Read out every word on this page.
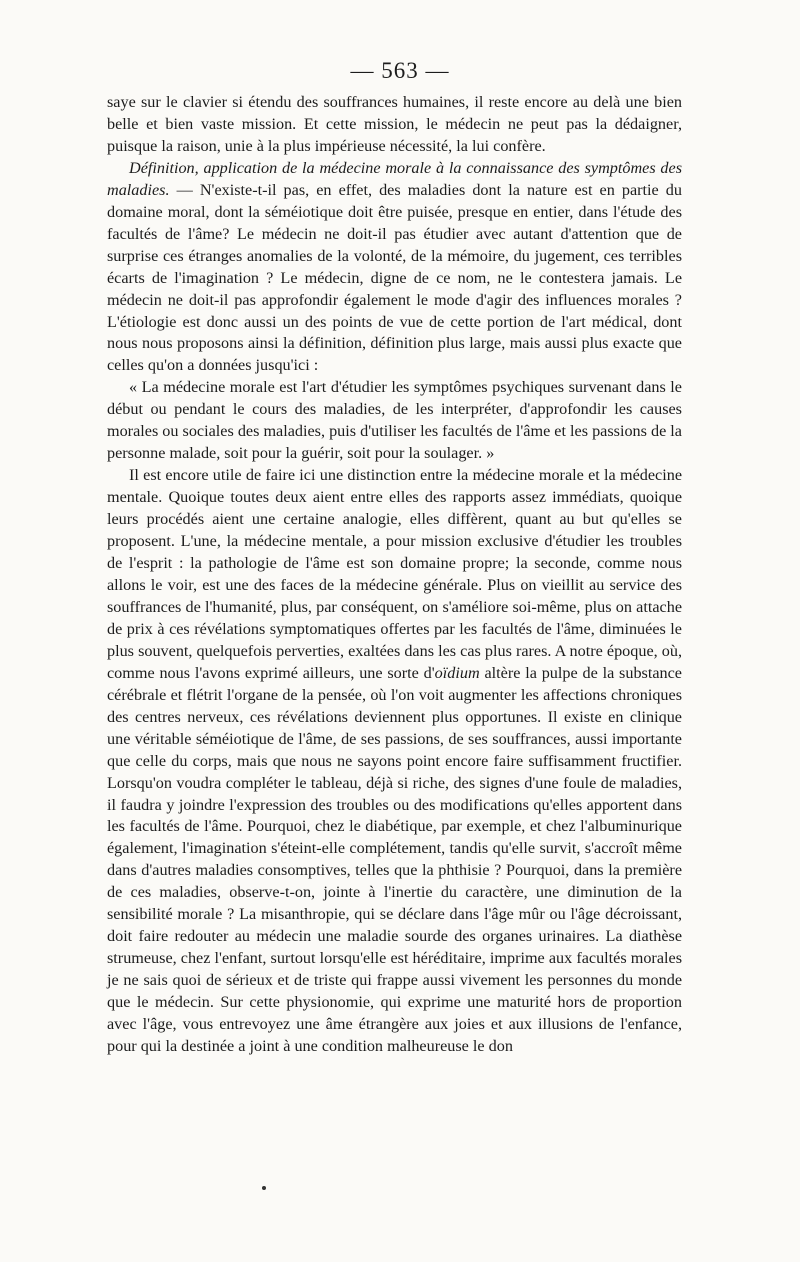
— 563 —

saye sur le clavier si étendu des souffrances humaines, il reste encore au delà une bien belle et bien vaste mission. Et cette mission, le médecin ne peut pas la dédaigner, puisque la raison, unie à la plus impérieuse nécessité, la lui confère.

Définition, application de la médecine morale à la connaissance des symptômes des maladies. — N'existe-t-il pas, en effet, des maladies dont la nature est en partie du domaine moral, dont la séméiotique doit être puisée, presque en entier, dans l'étude des facultés de l'âme? Le médecin ne doit-il pas étudier avec autant d'attention que de surprise ces étranges anomalies de la volonté, de la mémoire, du jugement, ces terribles écarts de l'imagination ? Le médecin, digne de ce nom, ne le contestera jamais. Le médecin ne doit-il pas approfondir également le mode d'agir des influences morales ? L'étiologie est donc aussi un des points de vue de cette portion de l'art médical, dont nous nous proposons ainsi la définition, définition plus large, mais aussi plus exacte que celles qu'on a données jusqu'ici :

« La médecine morale est l'art d'étudier les symptômes psychiques survenant dans le début ou pendant le cours des maladies, de les interpréter, d'approfondir les causes morales ou sociales des maladies, puis d'utiliser les facultés de l'âme et les passions de la personne malade, soit pour la guérir, soit pour la soulager. »

Il est encore utile de faire ici une distinction entre la médecine morale et la médecine mentale. Quoique toutes deux aient entre elles des rapports assez immédiats, quoique leurs procédés aient une certaine analogie, elles diffèrent, quant au but qu'elles se proposent. L'une, la médecine mentale, a pour mission exclusive d'étudier les troubles de l'esprit : la pathologie de l'âme est son domaine propre; la seconde, comme nous allons le voir, est une des faces de la médecine générale. Plus on vieillit au service des souffrances de l'humanité, plus, par conséquent, on s'améliore soi-même, plus on attache de prix à ces révélations symptomatiques offertes par les facultés de l'âme, diminuées le plus souvent, quelquefois perverties, exaltées dans les cas plus rares. A notre époque, où, comme nous l'avons exprimé ailleurs, une sorte d'oïdium altère la pulpe de la substance cérébrale et flétrit l'organe de la pensée, où l'on voit augmenter les affections chroniques des centres nerveux, ces révélations deviennent plus opportunes. Il existe en clinique une véritable séméiotique de l'âme, de ses passions, de ses souffrances, aussi importante que celle du corps, mais que nous ne sayons point encore faire suffisamment fructifier. Lorsqu'on voudra compléter le tableau, déjà si riche, des signes d'une foule de maladies, il faudra y joindre l'expression des troubles ou des modifications qu'elles apportent dans les facultés de l'âme. Pourquoi, chez le diabétique, par exemple, et chez l'albuminurique également, l'imagination s'éteint-elle complétement, tandis qu'elle survit, s'accroît même dans d'autres maladies consomptives, telles que la phthisie ? Pourquoi, dans la première de ces maladies, observe-t-on, jointe à l'inertie du caractère, une diminution de la sensibilité morale ? La misanthropie, qui se déclare dans l'âge mûr ou l'âge décroissant, doit faire redouter au médecin une maladie sourde des organes urinaires. La diathèse strumeuse, chez l'enfant, surtout lorsqu'elle est héréditaire, imprime aux facultés morales je ne sais quoi de sérieux et de triste qui frappe aussi vivement les personnes du monde que le médecin. Sur cette physionomie, qui exprime une maturité hors de proportion avec l'âge, vous entrevoyez une âme étrangère aux joies et aux illusions de l'enfance, pour qui la destinée a joint à une condition malheureuse le don
